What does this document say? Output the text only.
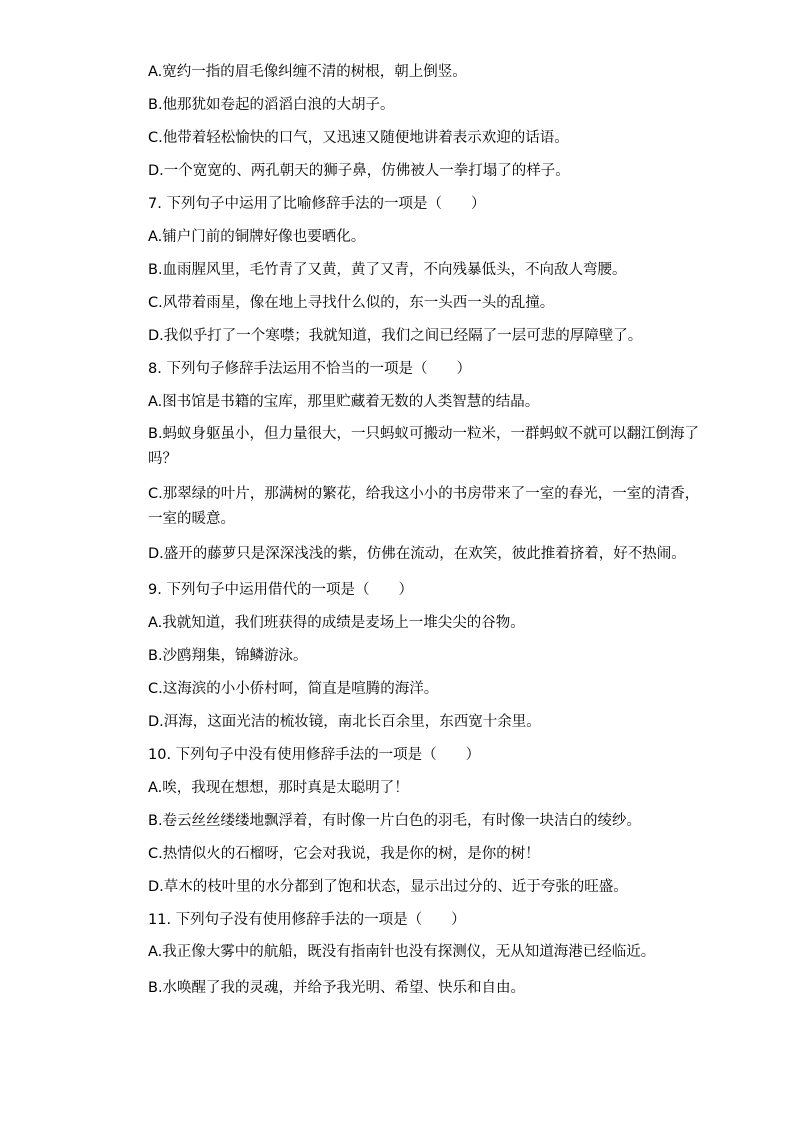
A.宽约一指的眉毛像纠缠不清的树根，朝上倒竖。
B.他那犹如卷起的滔滔白浪的大胡子。
C.他带着轻松愉快的口气，又迅速又随便地讲着表示欢迎的话语。
D.一个宽宽的、两孔朝天的狮子鼻，仿佛被人一拳打塌了的样子。
7. 下列句子中运用了比喻修辞手法的一项是（　　）
A.铺户门前的铜牌好像也要晒化。
B.血雨腥风里，毛竹青了又黄，黄了又青，不向残暴低头，不向敌人弯腰。
C.风带着雨星，像在地上寻找什么似的，东一头西一头的乱撞。
D.我似乎打了一个寒噤；我就知道，我们之间已经隔了一层可悲的厚障壁了。
8. 下列句子修辞手法运用不恰当的一项是（　　）
A.图书馆是书籍的宝库，那里贮藏着无数的人类智慧的结晶。
B.蚂蚁身躯虽小，但力量很大，一只蚂蚁可搬动一粒米，一群蚂蚁不就可以翻江倒海了吗？
C.那翠绿的叶片，那满树的繁花，给我这小小的书房带来了一室的春光，一室的清香，一室的暖意。
D.盛开的藤萝只是深深浅浅的紫，仿佛在流动，在欢笑，彼此推着挤着，好不热闹。
9. 下列句子中运用借代的一项是（　　）
A.我就知道，我们班获得的成绩是麦场上一堆尖尖的谷物。
B.沙鸥翔集，锦鳞游泳。
C.这海滨的小小侨村呵，简直是喧腾的海洋。
D.洱海，这面光洁的梳妆镜，南北长百余里，东西宽十余里。
10. 下列句子中没有使用修辞手法的一项是（　　）
A.唉，我现在想想，那时真是太聪明了！
B.卷云丝丝缕缕地飘浮着，有时像一片白色的羽毛，有时像一块洁白的绫纱。
C.热情似火的石榴呀，它会对我说，我是你的树，是你的树！
D.草木的枝叶里的水分都到了饱和状态，显示出过分的、近于夸张的旺盛。
11. 下列句子没有使用修辞手法的一项是（　　）
A.我正像大雾中的航船，既没有指南针也没有探测仪，无从知道海港已经临近。
B.水唤醒了我的灵魂，并给予我光明、希望、快乐和自由。
